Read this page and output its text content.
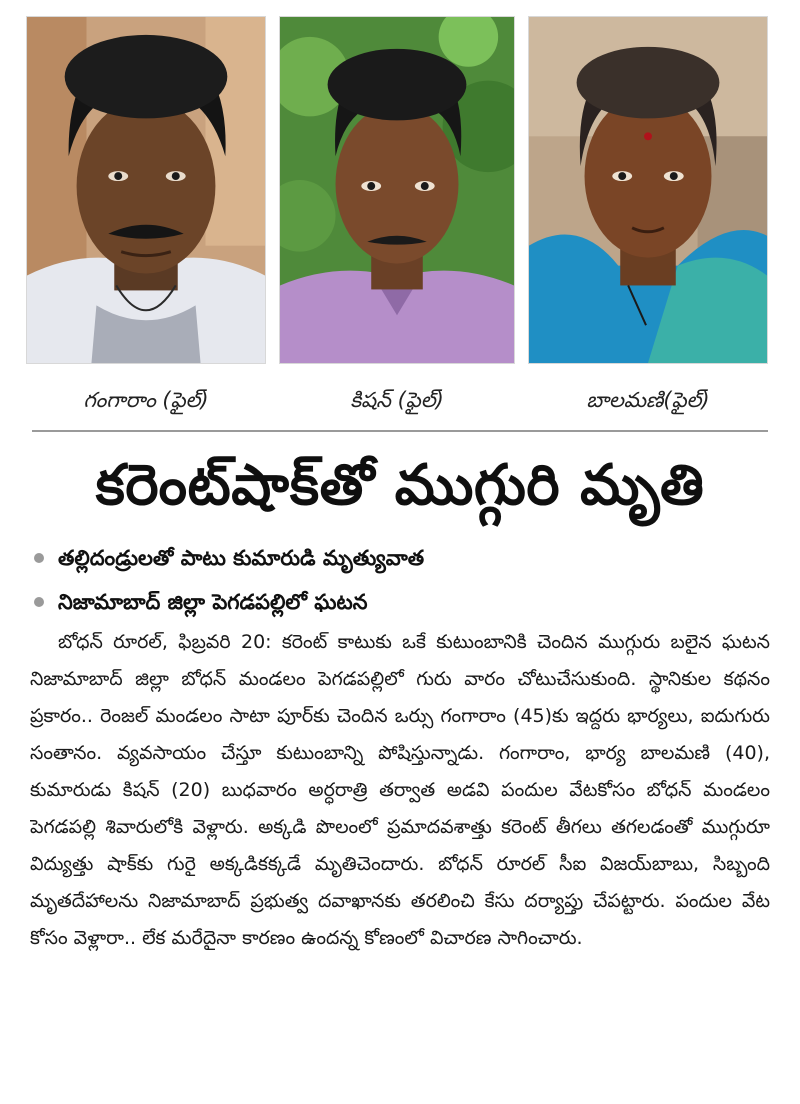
గంగారాం (ఫైల్)	కిషన్ (ఫైల్)	బాలమణి(ఫైల్)
కరెంట్‌షాక్‌తో ముగ్గురి మృతి
తల్లిదండ్రులతో పాటు కుమారుడి మృత్యువాత
నిజామాబాద్ జిల్లా పెగడపల్లిలో ఘటన
బోధన్ రూరల్, ఫిబ్రవరి 20: కరెంట్ కాటుకు ఒకే కుటుంబానికి చెందిన ముగ్గురు బలైన ఘటన నిజామాబాద్ జిల్లా బోధన్ మండలం పెగడపల్లిలో గురు వారం చోటుచేసుకుంది. స్థానికుల కథనం ప్రకారం.. రెంజల్ మండలం సాటా పూర్‌కు చెందిన ఒర్సు గంగారాం (45)కు ఇద్దరు భార్యలు, ఐదుగురు సంతానం. వ్యవసాయం చేస్తూ కుటుంబాన్ని పోషిస్తున్నాడు. గంగారాం, భార్య బాలమణి (40), కుమారుడు కిషన్ (20) బుధవారం అర్ధరాత్రి తర్వాత అడవి పందుల వేటకోసం బోధన్ మండలం పెగడపల్లి శివారులోకి వెళ్లారు. అక్కడి పొలంలో ప్రమాదవశాత్తు కరెంట్ తీగలు తగలడంతో ముగ్గురూ విద్యుత్తు షాక్‌కు గురై అక్కడికక్కడే మృతిచెందారు. బోధన్ రూరల్ సీఐ విజయ్‌బాబు, సిబ్బంది మృతదేహాలను నిజామాబాద్ ప్రభుత్వ దవాఖానకు తరలించి కేసు దర్యాప్తు చేపట్టారు. పందుల వేట కోసం వెళ్లారా.. లేక మరేదైనా కారణం ఉందన్న కోణంలో విచారణ సాగించారు.
